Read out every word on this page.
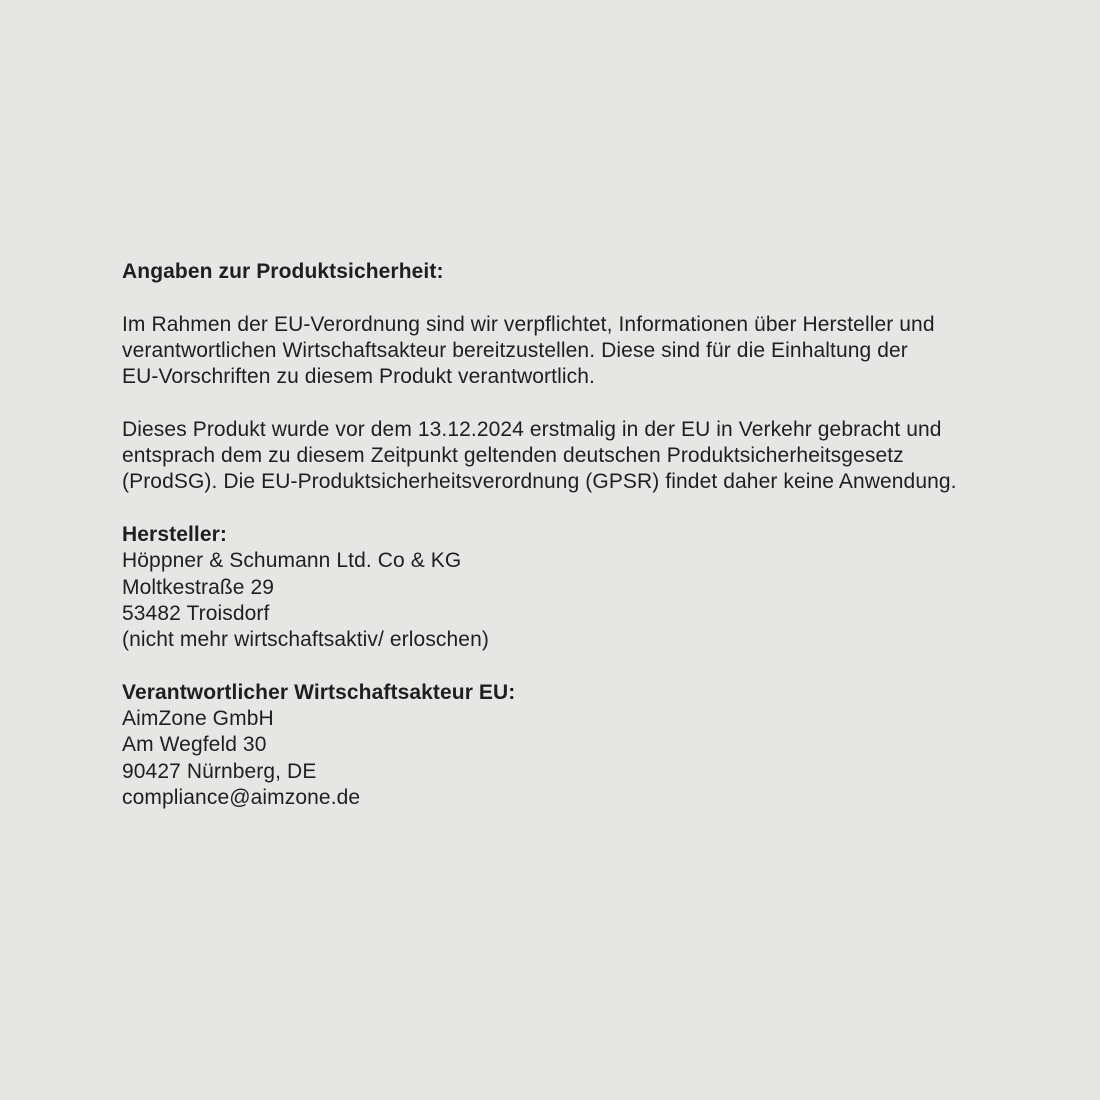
Angaben zur Produktsicherheit:
Im Rahmen der EU-Verordnung sind wir verpflichtet, Informationen über Hersteller und
verantwortlichen Wirtschaftsakteur bereitzustellen. Diese sind für die Einhaltung der
EU-Vorschriften zu diesem Produkt verantwortlich.
Dieses Produkt wurde vor dem 13.12.2024 erstmalig in der EU in Verkehr gebracht und
entsprach dem zu diesem Zeitpunkt geltenden deutschen Produktsicherheitsgesetz
(ProdSG). Die EU-Produktsicherheitsverordnung (GPSR) findet daher keine Anwendung.
Hersteller:
Höppner & Schumann Ltd. Co & KG
Moltkestraße 29
53482 Troisdorf
(nicht mehr wirtschaftsaktiv/ erloschen)
Verantwortlicher Wirtschaftsakteur EU:
AimZone GmbH
Am Wegfeld 30
90427 Nürnberg, DE
compliance@aimzone.de
